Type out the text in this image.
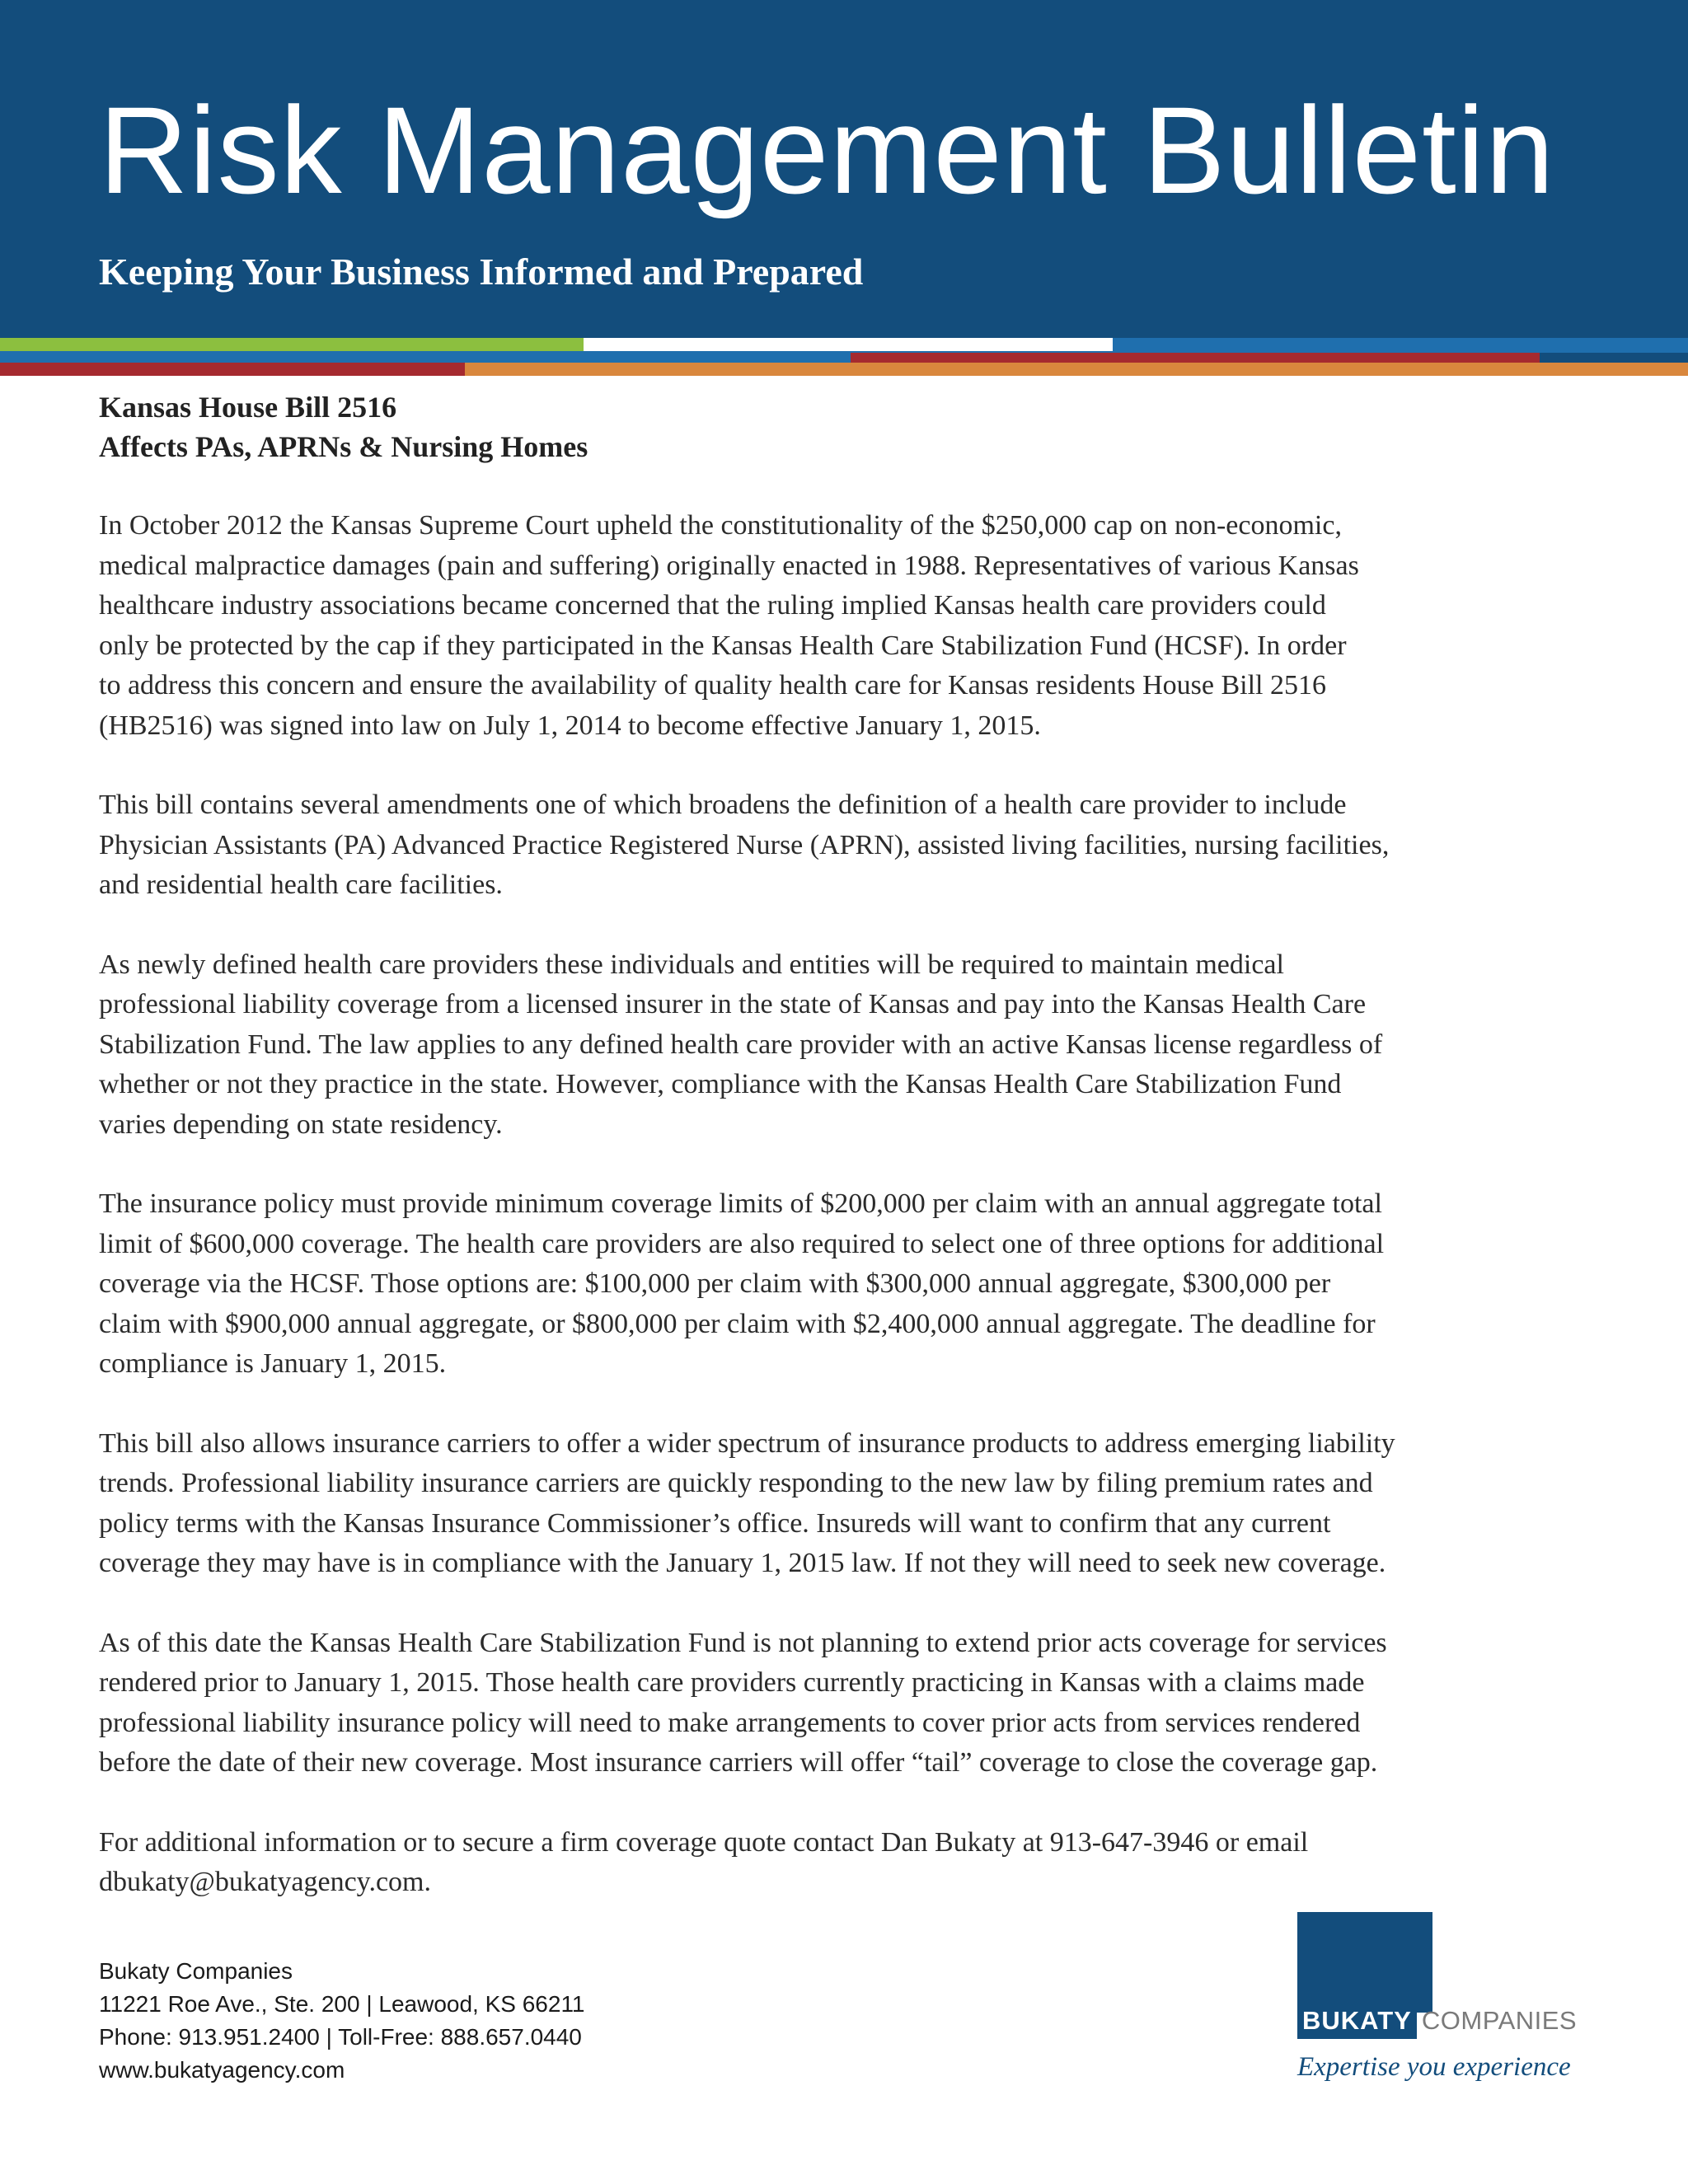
Risk Management Bulletin
Keeping Your Business Informed and Prepared

Kansas House Bill 2516

Affects PAs, APRNs & Nursing Homes

In October 2012 the Kansas Supreme Court upheld the constitutionality of the $250,000 cap on non-economic,
medical malpractice damages (pain and suffering) originally enacted in 1988. Representatives of various Kansas
healthcare industry associations became concerned that the ruling implied Kansas health care providers could
only be protected by the cap if they participated in the Kansas Health Care Stabilization Fund (HCSF). In order
to address this concern and ensure the availability of quality health care for Kansas residents House Bill 2516
(HB2516) was signed into law on July 1, 2014 to become effective January 1, 2015.

This bill contains several amendments one of which broadens the definition of a health care provider to include
Physician Assistants (PA) Advanced Practice Registered Nurse (APRN), assisted living facilities, nursing facilities,
and residential health care facilities.

As newly defined health care providers these individuals and entities will be required to maintain medical
professional liability coverage from a licensed insurer in the state of Kansas and pay into the Kansas Health Care
Stabilization Fund. The law applies to any defined health care provider with an active Kansas license regardless of
whether or not they practice in the state. However, compliance with the Kansas Health Care Stabilization Fund
varies depending on state residency.

The insurance policy must provide minimum coverage limits of $200,000 per claim with an annual aggregate total
limit of $600,000 coverage. The health care providers are also required to select one of three options for additional
coverage via the HCSF. Those options are: $100,000 per claim with $300,000 annual aggregate, $300,000 per
claim with $900,000 annual aggregate, or $800,000 per claim with $2,400,000 annual aggregate. The deadline for
compliance is January 1, 2015.

This bill also allows insurance carriers to offer a wider spectrum of insurance products to address emerging liability
trends. Professional liability insurance carriers are quickly responding to the new law by filing premium rates and
policy terms with the Kansas Insurance Commissioner’s office. Insureds will want to confirm that any current
coverage they may have is in compliance with the January 1, 2015 law. If not they will need to seek new coverage.

As of this date the Kansas Health Care Stabilization Fund is not planning to extend prior acts coverage for services
rendered prior to January 1, 2015. Those health care providers currently practicing in Kansas with a claims made
professional liability insurance policy will need to make arrangements to cover prior acts from services rendered
before the date of their new coverage. Most insurance carriers will offer “tail” coverage to close the coverage gap.

For additional information or to secure a firm coverage quote contact Dan Bukaty at 913-647-3946 or email
dbukaty@bukatyagency.com.

Bukaty Companies
11221 Roe Ave., Ste. 200 | Leawood, KS 66211
Phone: 913.951.2400 | Toll-Free: 888.657.0440
www.bukatyagency.com
BUKATY COMPANIES
Expertise you experience
